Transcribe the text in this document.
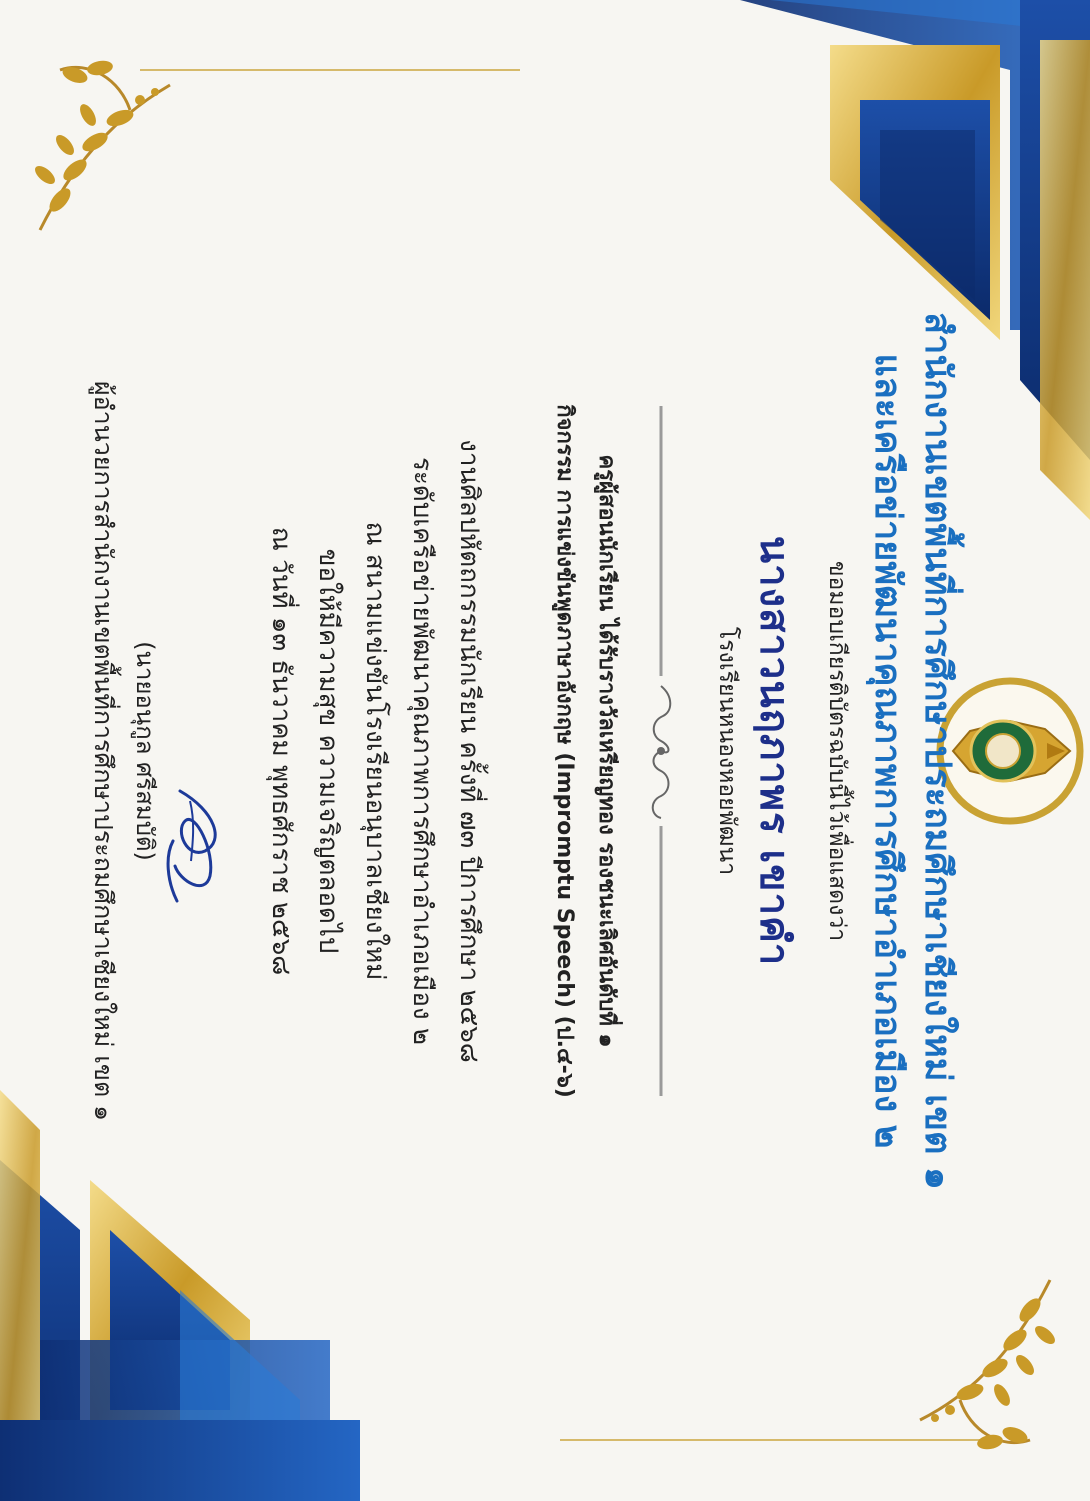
สำนักงานเขตพื้นที่การศึกษาประถมศึกษาเชียงใหม่ เขต ๑
และเครือข่ายพัฒนาคุณภาพการศึกษาอำเภอเมือง ๒
ขอมอบเกียรติบัตรฉบับนี้ไว้เพื่อแสดงว่า
นางสาวนฤภาพร เขาคำ
โรงเรียนหนองหอยพัฒนา
ครูผู้สอนนักเรียน ได้รับรางวัลเหรียญทอง รองชนะเลิศอันดับที่ ๑
กิจกรรม การแข่งขันพูดภาษาอังกฤษ (Impromptu Speech) (ป.๔-๖)
งานศิลปหัตถกรรมนักเรียน ครั้งที่ ๗๓ ปีการศึกษา ๒๕๖๘
ระดับเครือข่ายพัฒนาคุณภาพการศึกษาอำเภอเมือง ๒
ณ สนามแข่งขันโรงเรียนอนุบาลเชียงใหม่
ขอให้มีความสุข ความเจริญตลอดไป
ณ วันที่ ๑๓ ธันวาคม พุทธศักราช ๒๕๖๘
(นายอนุกูล ศรีสมบัติ)
ผู้อำนวยการสำนักงานเขตพื้นที่การศึกษาประถมศึกษาเชียงใหม่ เขต ๑
